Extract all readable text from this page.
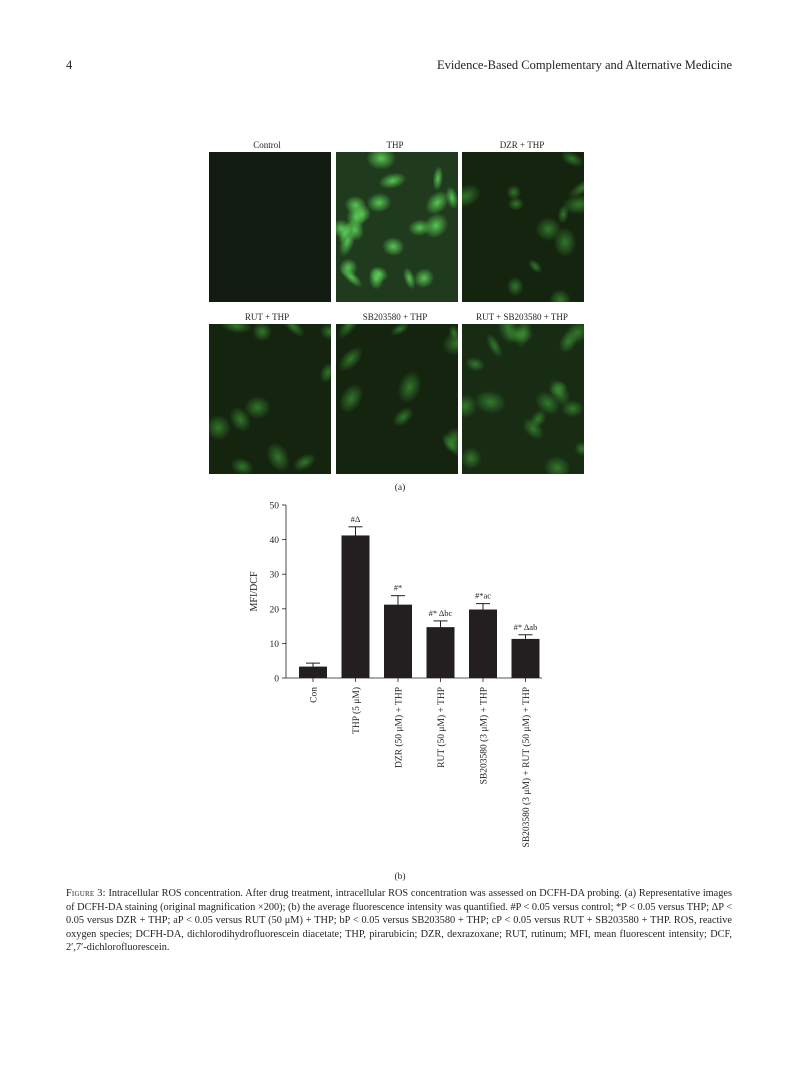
4	Evidence-Based Complementary and Alternative Medicine
Control	THP	DZR + THP
RUT + THP	SB203580 + THP	RUT + SB203580 + THP
(a)
MFI/DCF
0
10
20
30
40
50
Con
#Δ
THP (5 μM)
#*
DZR (50 μM) + THP
#* Δbc
RUT (50 μM) + THP
#*ac
SB203580 (3 μM) + THP
#* Δab
SB203580 (3 μM) + RUT (50 μM) + THP
(b)
Figure 3: Intracellular ROS concentration. After drug treatment, intracellular ROS concentration was assessed on DCFH-DA probing. (a) Representative images of DCFH-DA staining (original magnification ×200); (b) the average fluorescence intensity was quantified. #P < 0.05 versus control; *P < 0.05 versus THP; ΔP < 0.05 versus DZR + THP; aP < 0.05 versus RUT (50 μM) + THP; bP < 0.05 versus SB203580 + THP; cP < 0.05 versus RUT + SB203580 + THP. ROS, reactive oxygen species; DCFH-DA, dichlorodihydrofluorescein diacetate; THP, pirarubicin; DZR, dexrazoxane; RUT, rutinum; MFI, mean fluorescent intensity; DCF, 2′,7′-dichlorofluorescein.
